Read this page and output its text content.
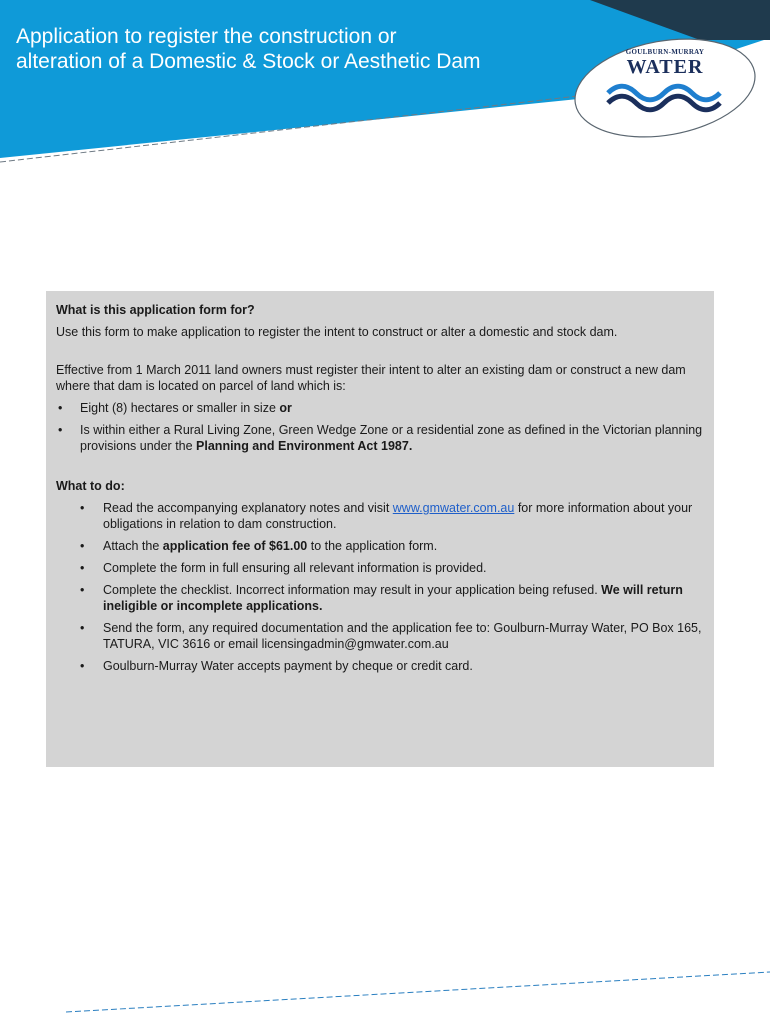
Application to register the construction or
alteration of a Domestic & Stock or Aesthetic Dam	GOULBURN-MURRAY
WATER

What is this application form for?

Use this form to make application to register the intent to construct or alter a domestic and stock dam.

Effective from 1 March 2011 land owners must register their intent to alter an existing dam or construct a new dam where that dam is located on parcel of land which is:

• Eight (8) hectares or smaller in size or
• Is within either a Rural Living Zone, Green Wedge Zone or a residential zone as defined in the Victorian planning provisions under the Planning and Environment Act 1987.

What to do:

• Read the accompanying explanatory notes and visit www.gmwater.com.au for more information about your obligations in relation to dam construction.
• Attach the application fee of $61.00 to the application form.
• Complete the form in full ensuring all relevant information is provided.
• Complete the checklist. Incorrect information may result in your application being refused. We will return ineligible or incomplete applications.
• Send the form, any required documentation and the application fee to: Goulburn-Murray Water, PO Box 165, TATURA, VIC 3616 or email licensingadmin@gmwater.com.au
• Goulburn-Murray Water accepts payment by cheque or credit card.
